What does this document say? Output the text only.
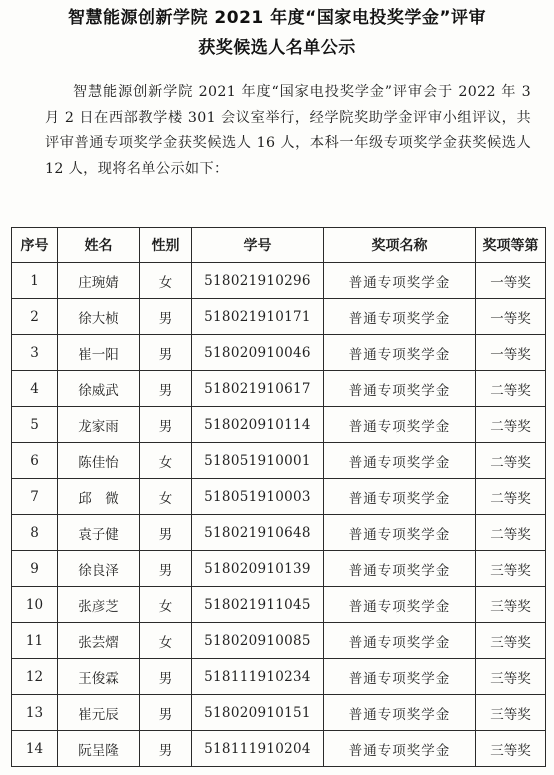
智慧能源创新学院 2021 年度“国家电投奖学金”评审
获奖候选人名单公示
智慧能源创新学院 2021 年度“国家电投奖学金”评审会于 2022 年 3 月 2 日在西部教学楼 301 会议室举行，经学院奖助学金评审小组评议，共评审普通专项奖学金获奖候选人 16 人，本科一年级专项奖学金获奖候选人 12 人，现将名单公示如下：
序号	姓名	性别	学号	奖项名称	奖项等第
1	庄琬婧	女	518021910296	普通专项奖学金	一等奖
2	徐大桢	男	518021910171	普通专项奖学金	一等奖
3	崔一阳	男	518020910046	普通专项奖学金	一等奖
4	徐威武	男	518021910617	普通专项奖学金	二等奖
5	龙家雨	男	518020910114	普通专项奖学金	二等奖
6	陈佳怡	女	518051910001	普通专项奖学金	二等奖
7	邱　微	女	518051910003	普通专项奖学金	二等奖
8	袁子健	男	518021910648	普通专项奖学金	二等奖
9	徐良泽	男	518020910139	普通专项奖学金	三等奖
10	张彦芝	女	518021911045	普通专项奖学金	三等奖
11	张芸熠	女	518020910085	普通专项奖学金	三等奖
12	王俊霖	男	518111910234	普通专项奖学金	三等奖
13	崔元辰	男	518020910151	普通专项奖学金	三等奖
14	阮呈隆	男	518111910204	普通专项奖学金	三等奖
